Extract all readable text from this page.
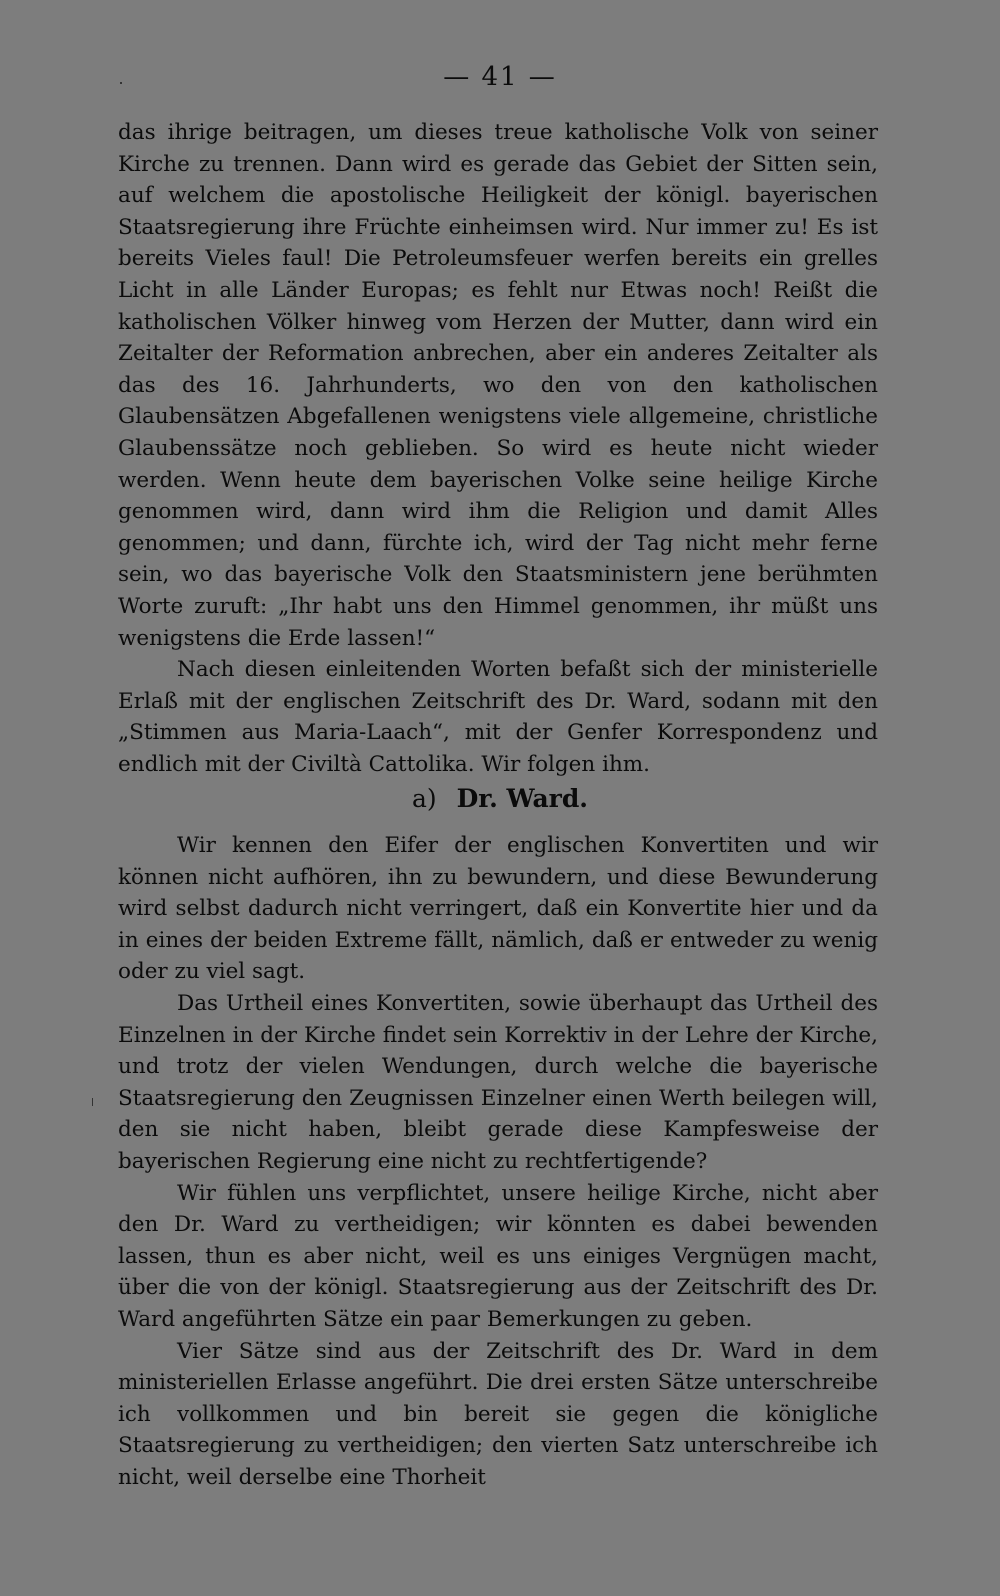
— 41 —

das ihrige beitragen, um dieses treue katholische Volk von seiner Kirche zu trennen. Dann wird es gerade das Gebiet der Sitten sein, auf welchem die apostolische Heiligkeit der königl. bayerischen Staatsregierung ihre Früchte einheimsen wird. Nur immer zu! Es ist bereits Vieles faul! Die Petroleumsfeuer werfen bereits ein grelles Licht in alle Länder Europas; es fehlt nur Etwas noch! Reißt die katholischen Völker hinweg vom Herzen der Mutter, dann wird ein Zeitalter der Reformation anbrechen, aber ein anderes Zeitalter als das des 16. Jahrhunderts, wo den von den katholischen Glaubensätzen Abgefallenen wenigstens viele allgemeine, christliche Glaubenssätze noch geblieben. So wird es heute nicht wieder werden. Wenn heute dem bayerischen Volke seine heilige Kirche genommen wird, dann wird ihm die Religion und damit Alles genommen; und dann, fürchte ich, wird der Tag nicht mehr ferne sein, wo das bayerische Volk den Staatsministern jene berühmten Worte zuruft: „Ihr habt uns den Himmel genommen, ihr müßt uns wenigstens die Erde lassen!“

Nach diesen einleitenden Worten befaßt sich der ministerielle Erlaß mit der englischen Zeitschrift des Dr. Ward, sodann mit den „Stimmen aus Maria-Laach“, mit der Genfer Korrespondenz und endlich mit der Civiltà Cattolika. Wir folgen ihm.

a) Dr. Ward.

Wir kennen den Eifer der englischen Konvertiten und wir können nicht aufhören, ihn zu bewundern, und diese Bewunderung wird selbst dadurch nicht verringert, daß ein Konvertite hier und da in eines der beiden Extreme fällt, nämlich, daß er entweder zu wenig oder zu viel sagt.

Das Urtheil eines Konvertiten, sowie überhaupt das Urtheil des Einzelnen in der Kirche findet sein Korrektiv in der Lehre der Kirche, und trotz der vielen Wendungen, durch welche die bayerische Staatsregierung den Zeugnissen Einzelner einen Werth beilegen will, den sie nicht haben, bleibt gerade diese Kampfesweise der bayerischen Regierung eine nicht zu rechtfertigende?

Wir fühlen uns verpflichtet, unsere heilige Kirche, nicht aber den Dr. Ward zu vertheidigen; wir könnten es dabei bewenden lassen, thun es aber nicht, weil es uns einiges Vergnügen macht, über die von der königl. Staatsregierung aus der Zeitschrift des Dr. Ward angeführten Sätze ein paar Bemerkungen zu geben.

Vier Sätze sind aus der Zeitschrift des Dr. Ward in dem ministeriellen Erlasse angeführt. Die drei ersten Sätze unterschreibe ich vollkommen und bin bereit sie gegen die königliche Staatsregierung zu vertheidigen; den vierten Satz unterschreibe ich nicht, weil derselbe eine Thorheit
